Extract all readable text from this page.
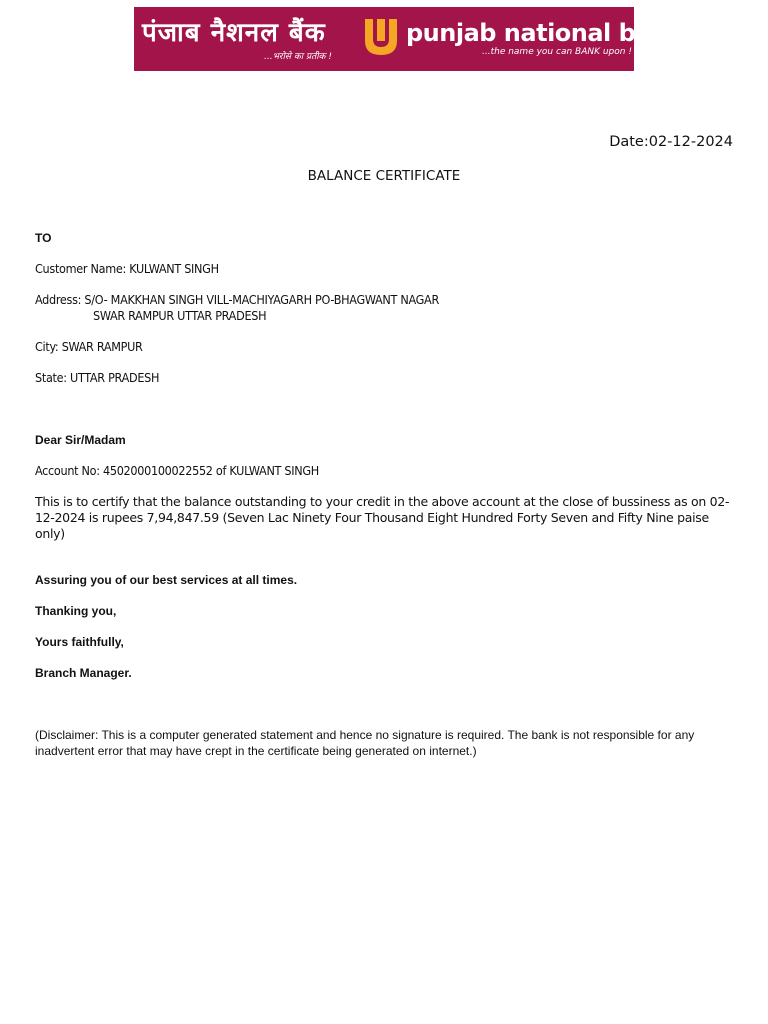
पंजाब नैशनल बैंक
...भरोसे का प्रतीक !
punjab national bank
...the name you can BANK upon !
Date:02-12-2024
BALANCE CERTIFICATE
TO
Customer Name: KULWANT SINGH
Address: S/O- MAKKHAN SINGH VILL-MACHIYAGARH PO-BHAGWANT NAGAR
SWAR RAMPUR UTTAR PRADESH
City: SWAR RAMPUR
State: UTTAR PRADESH
Dear Sir/Madam
Account No: 4502000100022552 of KULWANT SINGH
This is to certify that the balance outstanding to your credit in the above account at the close of bussiness as on 02-12-2024 is rupees 7,94,847.59 (Seven Lac Ninety Four Thousand Eight Hundred Forty Seven and Fifty Nine paise only)
Assuring you of our best services at all times.
Thanking you,
Yours faithfully,
Branch Manager.
(Disclaimer: This is a computer generated statement and hence no signature is required. The bank is not responsible for any inadvertent error that may have crept in the certificate being generated on internet.)
